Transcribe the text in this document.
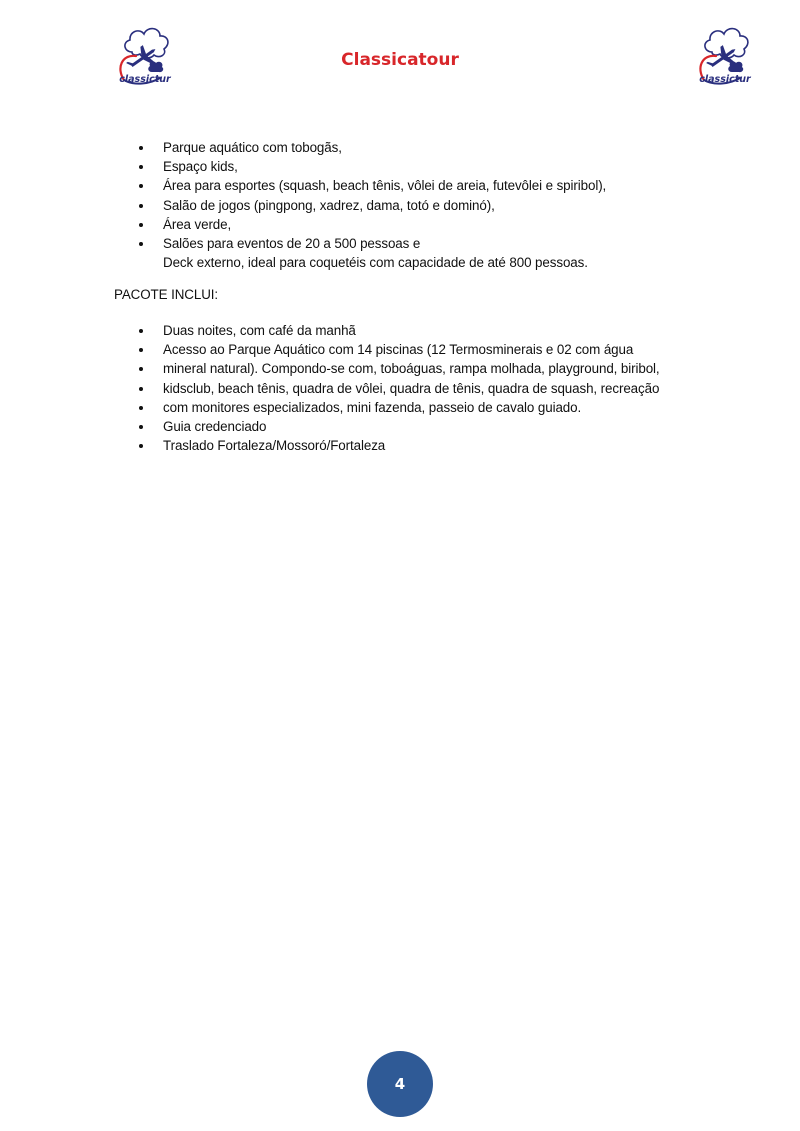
classictur
Classicatour
classictur
Parque aquático com tobogãs,
Espaço kids,
Área para esportes (squash, beach tênis, vôlei de areia, futevôlei e spiribol),
Salão de jogos (pingpong, xadrez, dama, totó e dominó),
Área verde,
Salões para eventos de 20 a 500 pessoas e
Deck externo, ideal para coquetéis com capacidade de até 800 pessoas.
PACOTE INCLUI:
Duas noites, com café da manhã
Acesso ao Parque Aquático com 14 piscinas (12 Termosminerais e 02 com água
mineral natural). Compondo-se com, toboáguas, rampa molhada, playground, biribol,
kidsclub, beach tênis, quadra de vôlei, quadra de tênis, quadra de squash, recreação
com monitores especializados, mini fazenda, passeio de cavalo guiado.
Guia credenciado
Traslado Fortaleza/Mossoró/Fortaleza
4
